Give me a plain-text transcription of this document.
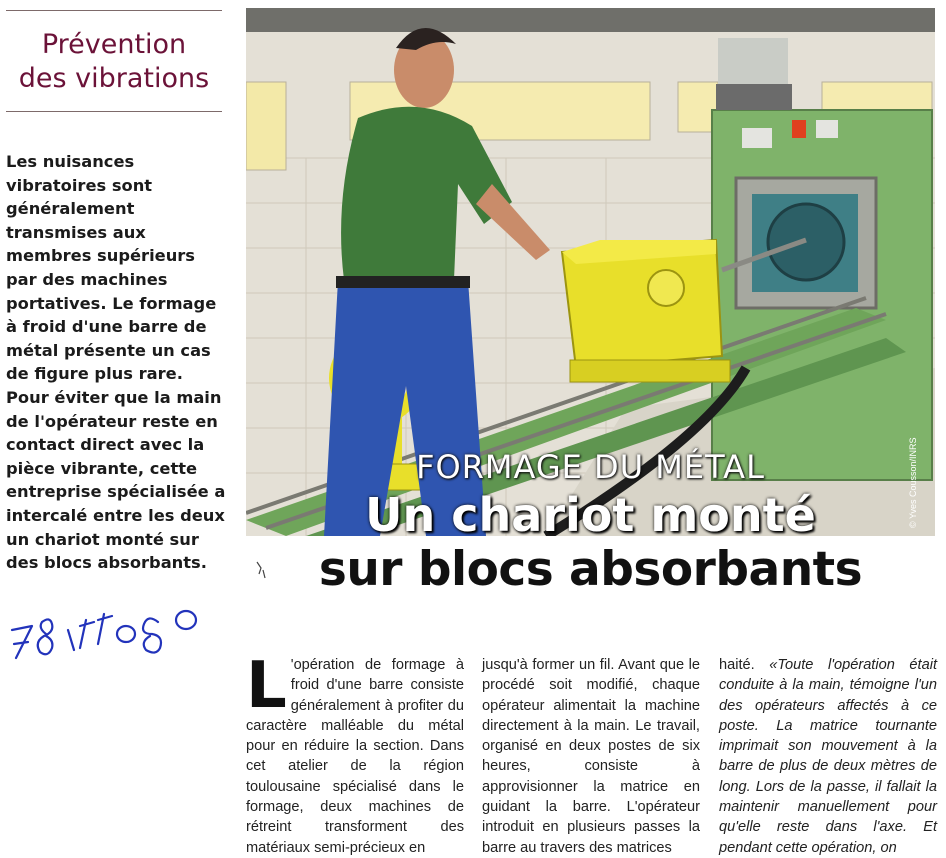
Prévention
des vibrations
Les nuisances vibratoires sont généralement transmises aux membres supérieurs par des machines portatives. Le formage à froid d'une barre de métal présente un cas de figure plus rare. Pour éviter que la main de l'opérateur reste en contact direct avec la pièce vibrante, cette entreprise spécialisée a intercalé entre les deux un chariot monté sur des blocs absorbants.
© Yves Cousson/INRS
FORMAGE DU MÉTAL
Un chariot monté
sur blocs absorbants
L 'opération de formage à froid d'une barre consiste généralement à profiter du caractère malléable du métal pour en réduire la section. Dans cet atelier de la région toulousaine spécialisé dans le formage, deux machines de rétreint transforment des matériaux semi-précieux en
jusqu'à former un fil. Avant que le procédé soit modifié, chaque opérateur alimentait la machine directement à la main. Le travail, organisé en deux postes de six heures, consiste à approvisionner la matrice en guidant la barre. L'opérateur introduit en plusieurs passes la barre au travers des matrices
haité. «Toute l'opération était conduite à la main, témoigne l'un des opérateurs affectés à ce poste. La matrice tournante imprimait son mouvement à la barre de plus de deux mètres de long. Lors de la passe, il fallait la maintenir manuellement pour qu'elle reste dans l'axe. Et pendant cette opération, on
